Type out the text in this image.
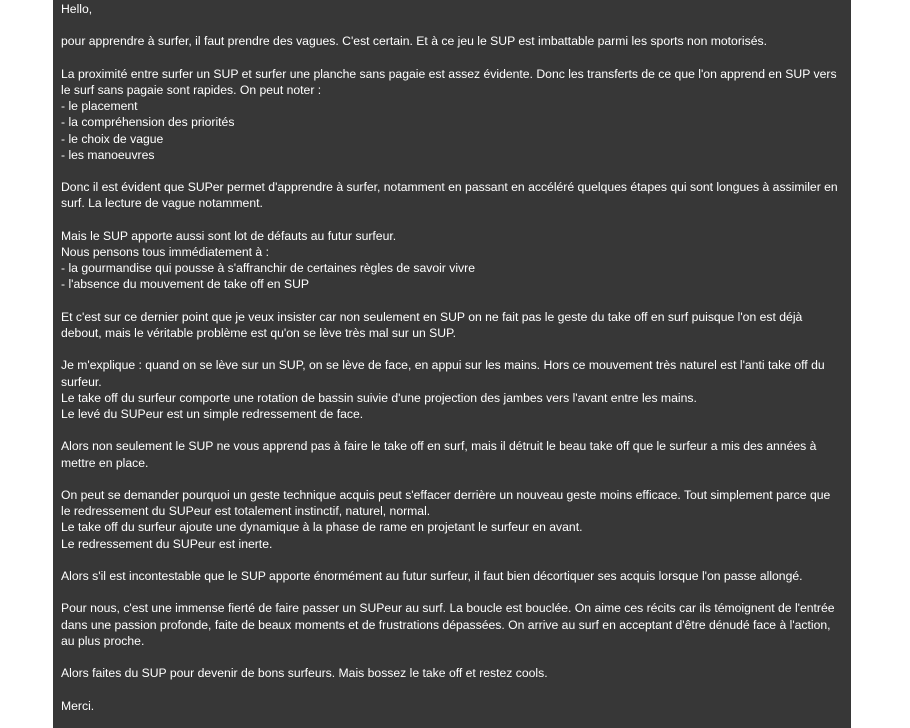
Hello,

pour apprendre à surfer, il faut prendre des vagues. C'est certain. Et à ce jeu le SUP est imbattable parmi les sports non motorisés.

La proximité entre surfer un SUP et surfer une planche sans pagaie est assez évidente. Donc les transferts de ce que l'on apprend en SUP vers le surf sans pagaie sont rapides. On peut noter :
- le placement
- la compréhension des priorités
- le choix de vague
- les manoeuvres

Donc il est évident que SUPer permet d'apprendre à surfer, notamment en passant en accéléré quelques étapes qui sont longues à assimiler en surf. La lecture de vague notamment.

Mais le SUP apporte aussi sont lot de défauts au futur surfeur.
Nous pensons tous immédiatement à :
- la gourmandise qui pousse à s'affranchir de certaines règles de savoir vivre
- l'absence du mouvement de take off en SUP

Et c'est sur ce dernier point que je veux insister car non seulement en SUP on ne fait pas le geste du take off en surf puisque l'on est déjà debout, mais le véritable problème est qu'on se lève très mal sur un SUP.

Je m'explique : quand on se lève sur un SUP, on se lève de face, en appui sur les mains. Hors ce mouvement très naturel est l'anti take off du surfeur.
Le take off du surfeur comporte une rotation de bassin suivie d'une projection des jambes vers l'avant entre les mains.
Le levé du SUPeur est un simple redressement de face.

Alors non seulement le SUP ne vous apprend pas à faire le take off en surf, mais il détruit le beau take off que le surfeur a mis des années à mettre en place.

On peut se demander pourquoi un geste technique acquis peut s'effacer derrière un nouveau geste moins efficace. Tout simplement parce que le redressement du SUPeur est totalement instinctif, naturel, normal.
Le take off du surfeur ajoute une dynamique à la phase de rame en projetant le surfeur en avant.
Le redressement du SUPeur est inerte.

Alors s'il est incontestable que le SUP apporte énormément au futur surfeur, il faut bien décortiquer ses acquis lorsque l'on passe allongé.

Pour nous, c'est une immense fierté de faire passer un SUPeur au surf. La boucle est bouclée. On aime ces récits car ils témoignent de l'entrée dans une passion profonde, faite de beaux moments et de frustrations dépassées. On arrive au surf en acceptant d'être dénudé face à l'action, au plus proche.

Alors faites du SUP pour devenir de bons surfeurs. Mais bossez le take off et restez cools.

Merci.
